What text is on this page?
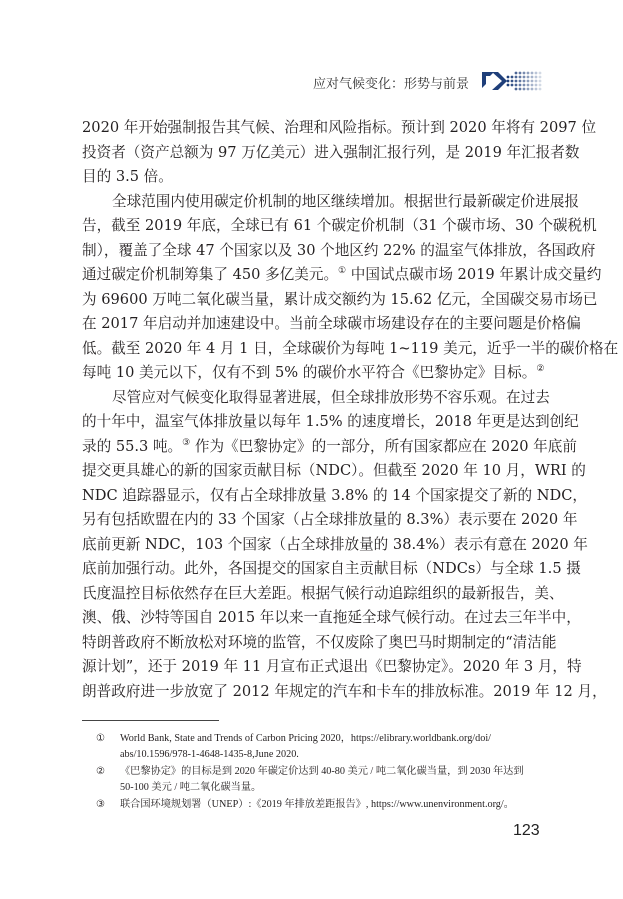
应对气候变化：形势与前景
2020 年开始强制报告其气候、治理和风险指标。预计到 2020 年将有 2097 位
投资者（资产总额为 97 万亿美元）进入强制汇报行列，是 2019 年汇报者数
目的 3.5 倍。
全球范围内使用碳定价机制的地区继续增加。根据世行最新碳定价进展报
告，截至 2019 年底，全球已有 61 个碳定价机制（31 个碳市场、30 个碳税机
制），覆盖了全球 47 个国家以及 30 个地区约 22% 的温室气体排放，各国政府
通过碳定价机制筹集了 450 多亿美元。① 中国试点碳市场 2019 年累计成交量约
为 69600 万吨二氧化碳当量，累计成交额约为 15.62 亿元，全国碳交易市场已
在 2017 年启动并加速建设中。当前全球碳市场建设存在的主要问题是价格偏
低。截至 2020 年 4 月 1 日，全球碳价为每吨 1~119 美元，近乎一半的碳价格在
每吨 10 美元以下，仅有不到 5% 的碳价水平符合《巴黎协定》目标。②
尽管应对气候变化取得显著进展，但全球排放形势不容乐观。在过去
的十年中，温室气体排放量以每年 1.5% 的速度增长，2018 年更是达到创纪
录的 55.3 吨。③ 作为《巴黎协定》的一部分，所有国家都应在 2020 年底前
提交更具雄心的新的国家贡献目标（NDC）。但截至 2020 年 10 月，WRI 的
NDC 追踪器显示，仅有占全球排放量 3.8% 的 14 个国家提交了新的 NDC，
另有包括欧盟在内的 33 个国家（占全球排放量的 8.3%）表示要在 2020 年
底前更新 NDC，103 个国家（占全球排放量的 38.4%）表示有意在 2020 年
底前加强行动。此外，各国提交的国家自主贡献目标（NDCs）与全球 1.5 摄
氏度温控目标依然存在巨大差距。根据气候行动追踪组织的最新报告，美、
澳、俄、沙特等国自 2015 年以来一直拖延全球气候行动。在过去三年半中，
特朗普政府不断放松对环境的监管，不仅废除了奥巴马时期制定的“清洁能
源计划”，还于 2019 年 11 月宣布正式退出《巴黎协定》。2020 年 3 月，特
朗普政府进一步放宽了 2012 年规定的汽车和卡车的排放标准。2019 年 12 月，
① World Bank, State and Trends of Carbon Pricing 2020，https://elibrary.worldbank.org/doi/
abs/10.1596/978-1-4648-1435-8,June 2020.
② 《巴黎协定》的目标是到 2020 年碳定价达到 40-80 美元 / 吨二氧化碳当量，到 2030 年达到
50-100 美元 / 吨二氧化碳当量。
③ 联合国环境规划署（UNEP）:《2019 年排放差距报告》, https://www.unenvironment.org/。
123
